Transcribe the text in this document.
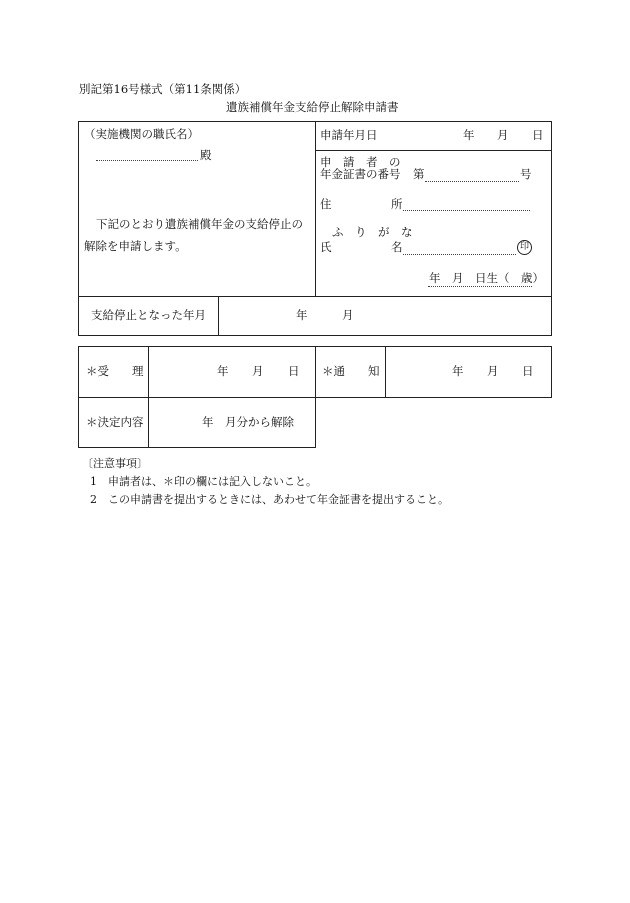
別記第16号様式（第11条関係）
遺族補償年金支給停止解除申請書
（実施機関の職氏名）
殿
下記のとおり遺族補償年金の支給停止の
解除を申請します。
申請年月日	年 月 日
申　請　者　の
年金証書の番号 第	号
住	所
ふ　り　が　な
氏	名	印
年　月　日生（　歳）
支給停止となった年月	年	月
＊受　　理	年 月 日 ＊通　　知	年 月 日
＊決定内容	年　月分から解除
〔注意事項〕
1　申請者は、＊印の欄には記入しないこと。
2　この申請書を提出するときには、あわせて年金証書を提出すること。
